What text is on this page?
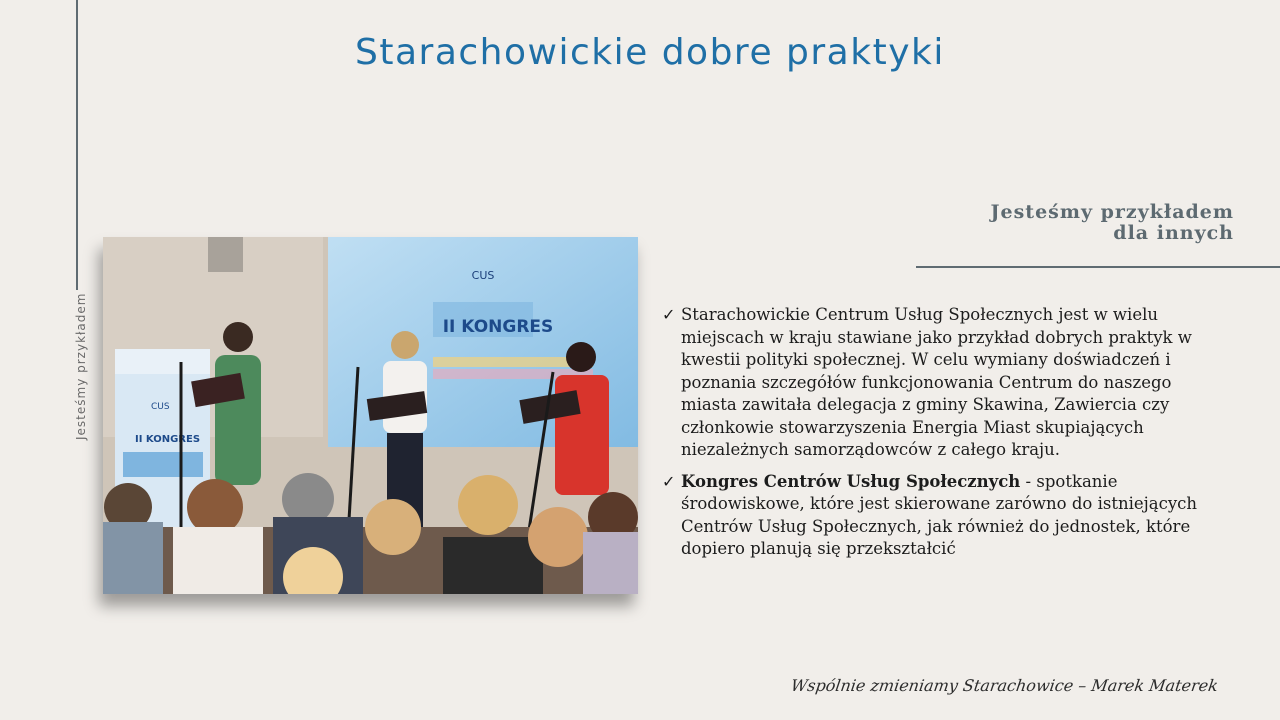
Jesteśmy przykładem
Starachowickie dobre praktyki
Jesteśmy przykładem
dla innych
CUS
II KONGRES
CUS
II KONGRES
✓ Starachowickie Centrum Usług Społecznych jest w wielu miejscach w kraju stawiane jako przykład dobrych praktyk w kwestii polityki społecznej. W celu wymiany doświadczeń i poznania szczegółów funkcjonowania Centrum do naszego miasta zawitała delegacja z gminy Skawina, Zawiercia czy członkowie stowarzyszenia Energia Miast skupiających niezależnych samorządowców z całego kraju.
✓ Kongres Centrów Usług Społecznych - spotkanie środowiskowe, które jest skierowane zarówno do istniejących Centrów Usług Społecznych, jak również do jednostek, które dopiero planują się przekształcić
Wspólnie zmieniamy Starachowice – Marek Materek
